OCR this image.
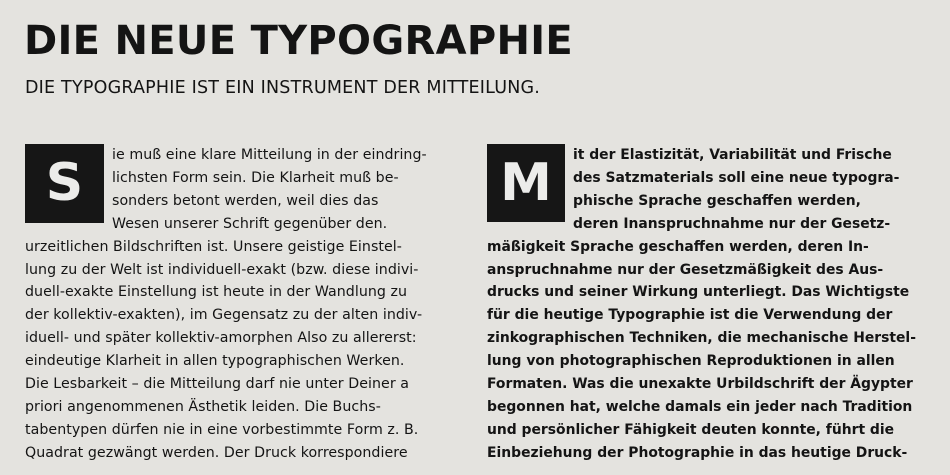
DIE NEUE TYPOGRAPHIE
DIE TYPOGRAPHIE IST EIN INSTRUMENT DER MITTEILUNG.
S	ie muß eine klare Mitteilung in der eindring-
lichsten Form sein. Die Klarheit muß be-
sonders betont werden, weil dies das
Wesen unserer Schrift gegenüber den.
urzeitlichen Bildschriften ist. Unsere geistige Einstel-
lung zu der Welt ist individuell-exakt (bzw. diese indivi-
duell-exakte Einstellung ist heute in der Wandlung zu
der kollektiv-exakten), im Gegensatz zu der alten indiv-
iduell- und später kollektiv-amorphen Also zu allererst:
eindeutige Klarheit in allen typographischen Werken.
Die Lesbarkeit – die Mitteilung darf nie unter Deiner a
priori angenommenen Ästhetik leiden. Die Buchs-
tabentypen dürfen nie in eine vorbestimmte Form z. B.
Quadrat gezwängt werden. Der Druck korrespondiere

M	it der Elastizität, Variabilität und Frische
des Satzmaterials soll eine neue typogra-
phische Sprache geschaffen werden,
deren Inanspruchnahme nur der Gesetz-
mäßigkeit Sprache geschaffen werden, deren In-
anspruchnahme nur der Gesetzmäßigkeit des Aus-
drucks und seiner Wirkung unterliegt. Das Wichtigste
für die heutige Typographie ist die Verwendung der
zinkographischen Techniken, die mechanische Herstel-
lung von photographischen Reproduktionen in allen
Formaten. Was die unexakte Urbildschrift der Ägypter
begonnen hat, welche damals ein jeder nach Tradition
und persönlicher Fähigkeit deuten konnte, führt die
Einbeziehung der Photographie in das heutige Druck-
